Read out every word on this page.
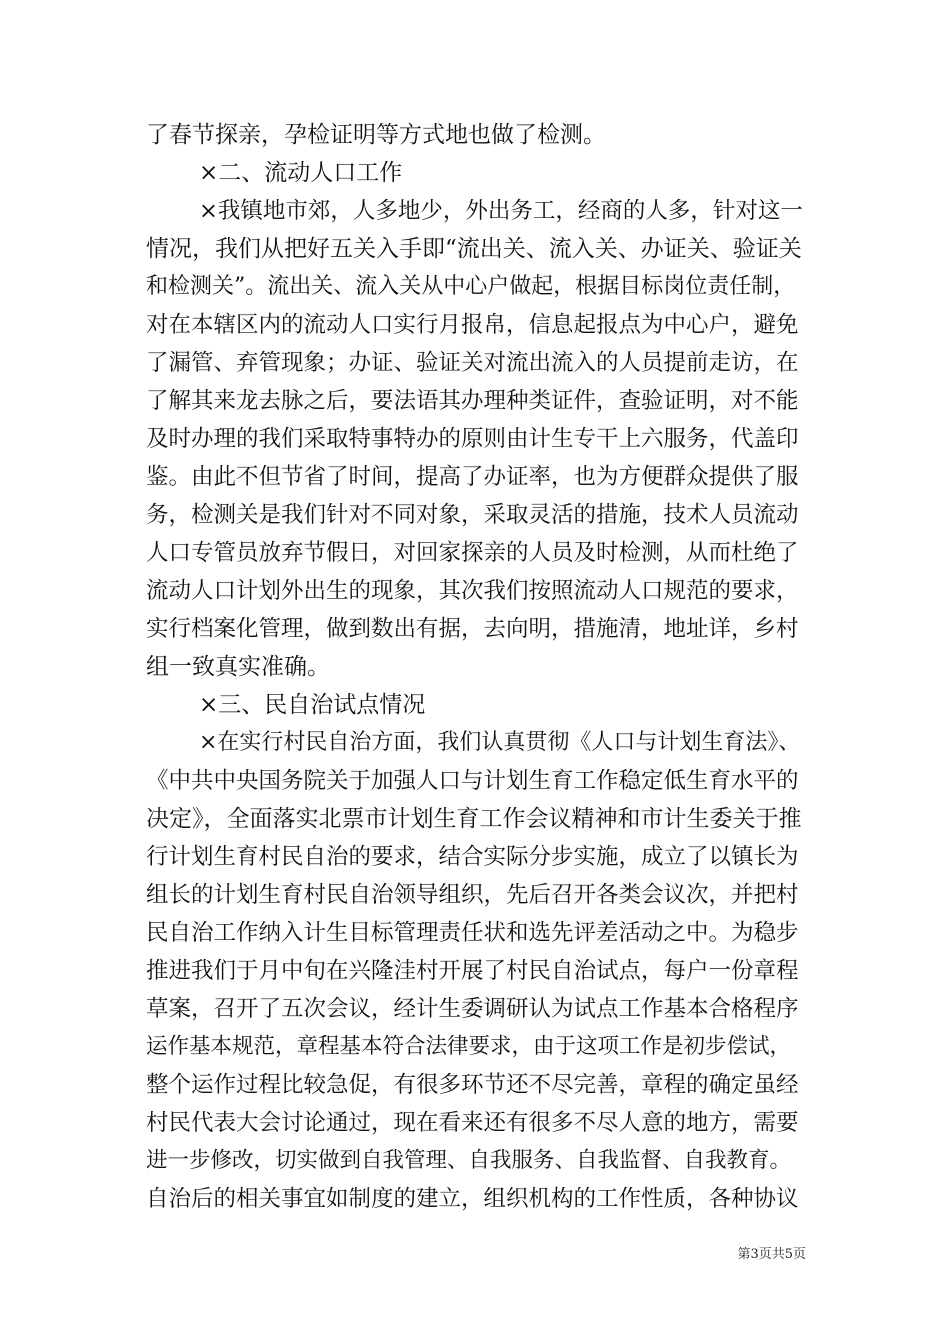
了春节探亲，孕检证明等方式地也做了检测。
×二、流动人口工作
×我镇地市郊，人多地少，外出务工，经商的人多，针对这一
情况，我们从把好五关入手即“流出关、流入关、办证关、验证关
和检测关”。流出关、流入关从中心户做起，根据目标岗位责任制，
对在本辖区内的流动人口实行月报帛，信息起报点为中心户，避免
了漏管、弃管现象；办证、验证关对流出流入的人员提前走访，在
了解其来龙去脉之后，要法语其办理种类证件，查验证明，对不能
及时办理的我们采取特事特办的原则由计生专干上六服务，代盖印
鉴。由此不但节省了时间，提高了办证率，也为方便群众提供了服
务，检测关是我们针对不同对象，采取灵活的措施，技术人员流动
人口专管员放弃节假日，对回家探亲的人员及时检测，从而杜绝了
流动人口计划外出生的现象，其次我们按照流动人口规范的要求，
实行档案化管理，做到数出有据，去向明，措施清，地址详，乡村
组一致真实准确。
×三、民自治试点情况
×在实行村民自治方面，我们认真贯彻《人口与计划生育法》、
《中共中央国务院关于加强人口与计划生育工作稳定低生育水平的
决定》，全面落实北票市计划生育工作会议精神和市计生委关于推
行计划生育村民自治的要求，结合实际分步实施，成立了以镇长为
组长的计划生育村民自治领导组织，先后召开各类会议次，并把村
民自治工作纳入计生目标管理责任状和选先评差活动之中。为稳步
推进我们于月中旬在兴隆洼村开展了村民自治试点，每户一份章程
草案，召开了五次会议，经计生委调研认为试点工作基本合格程序
运作基本规范，章程基本符合法律要求，由于这项工作是初步偿试，
整个运作过程比较急促，有很多环节还不尽完善，章程的确定虽经
村民代表大会讨论通过，现在看来还有很多不尽人意的地方，需要
进一步修改，切实做到自我管理、自我服务、自我监督、自我教育。
自治后的相关事宜如制度的建立，组织机构的工作性质，各种协议
第3页共5页
